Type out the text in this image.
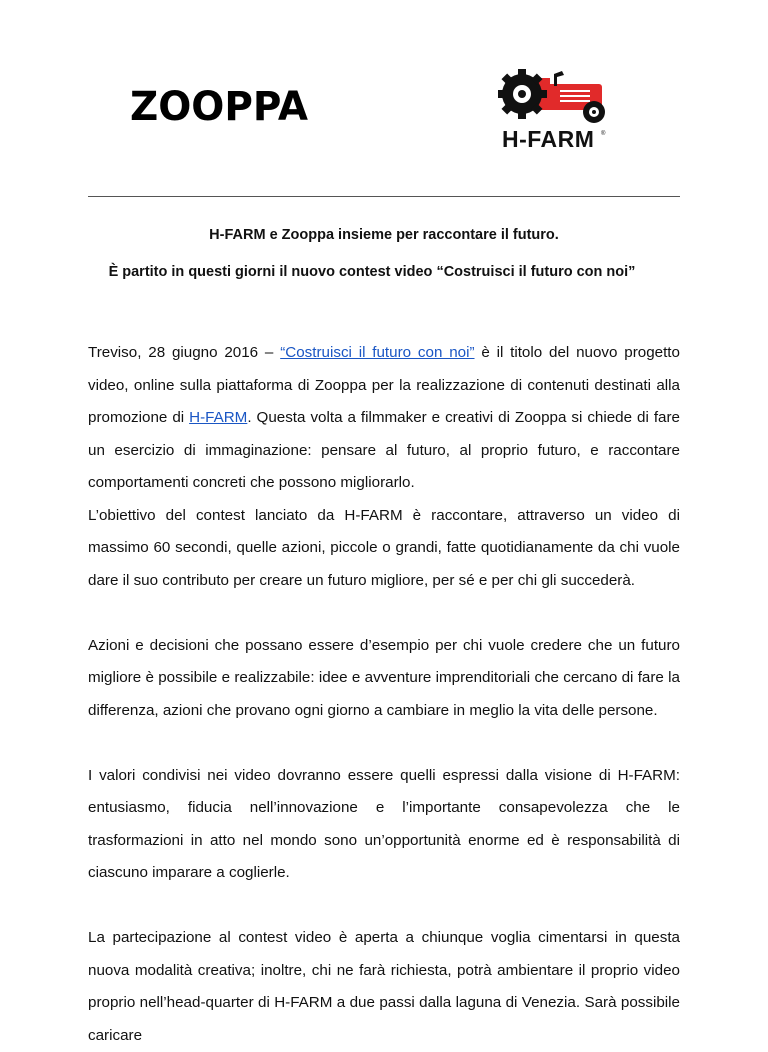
ZOOPPA
H-FARM ®
H-FARM e Zooppa insieme per raccontare il futuro.
È partito in questi giorni il nuovo contest video “Costruisci il futuro con noi”

Treviso, 28 giugno 2016 – “Costruisci il futuro con noi” è il titolo del nuovo progetto video, online sulla piattaforma di Zooppa per la realizzazione di contenuti destinati alla promozione di H-FARM. Questa volta a filmmaker e creativi di Zooppa si chiede di fare un esercizio di immaginazione: pensare al futuro, al proprio futuro, e raccontare comportamenti concreti che possono migliorarlo.

L’obiettivo del contest lanciato da H-FARM è raccontare, attraverso un video di massimo 60 secondi, quelle azioni, piccole o grandi, fatte quotidianamente da chi vuole dare il suo contributo per creare un futuro migliore, per sé e per chi gli succederà.

Azioni e decisioni che possano essere d’esempio per chi vuole credere che un futuro migliore è possibile e realizzabile: idee e avventure imprenditoriali che cercano di fare la differenza, azioni che provano ogni giorno a cambiare in meglio la vita delle persone.

I valori condivisi nei video dovranno essere quelli espressi dalla visione di H-FARM: entusiasmo, fiducia nell’innovazione e l’importante consapevolezza che le trasformazioni in atto nel mondo sono un’opportunità enorme ed è responsabilità di ciascuno imparare a coglierle.

La partecipazione al contest video è aperta a chiunque voglia cimentarsi in questa nuova modalità creativa; inoltre, chi ne farà richiesta, potrà ambientare il proprio video proprio nell’head-quarter di H-FARM a due passi dalla laguna di Venezia. Sarà possibile caricare
